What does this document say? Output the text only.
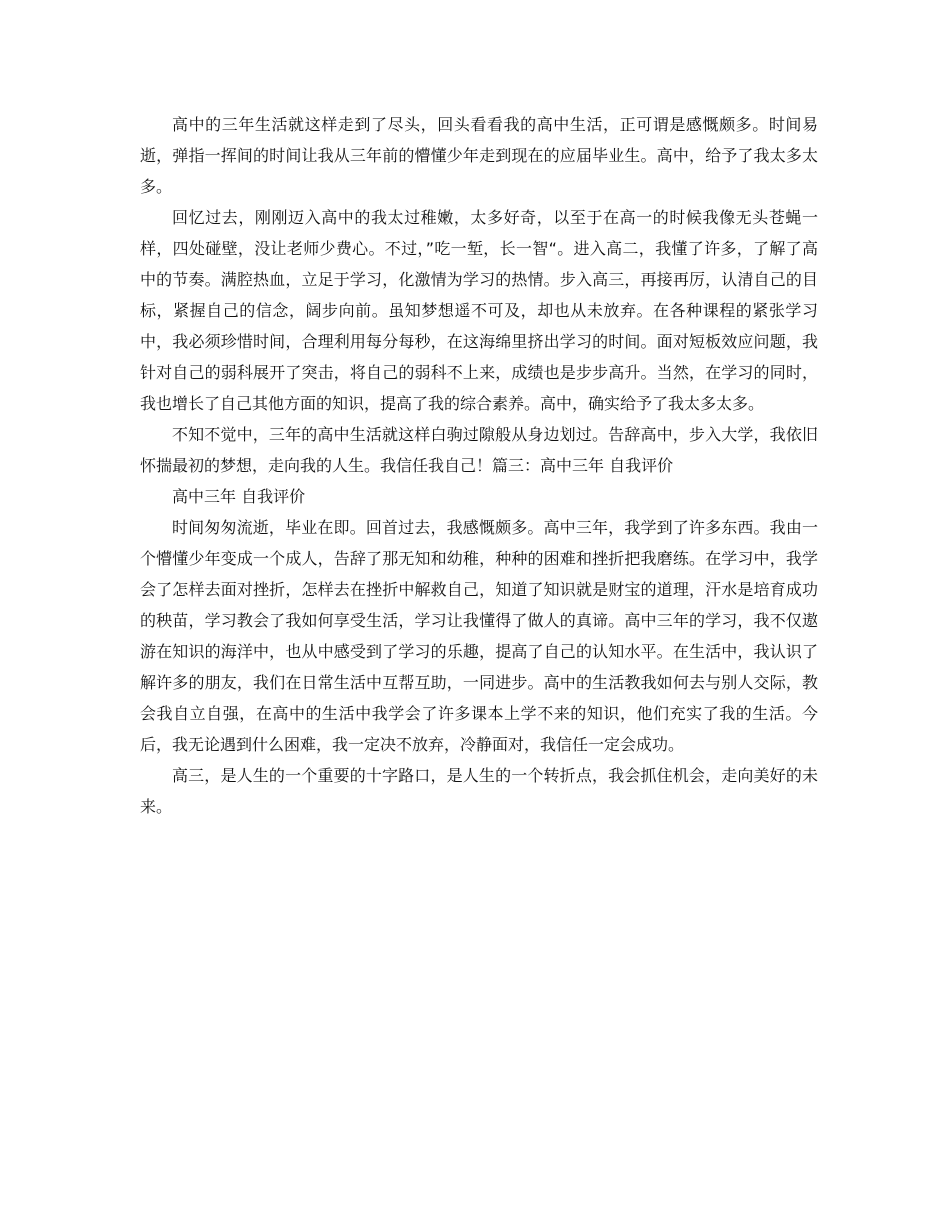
高中的三年生活就这样走到了尽头，回头看看我的高中生活，正可谓是感慨颇多。时间易逝，弹指一挥间的时间让我从三年前的懵懂少年走到现在的应届毕业生。高中，给予了我太多太多。

回忆过去，刚刚迈入高中的我太过稚嫩，太多好奇，以至于在高一的时候我像无头苍蝇一样，四处碰壁，没让老师少费心。不过，”吃一堑，长一智“。进入高二，我懂了许多，了解了高中的节奏。满腔热血，立足于学习，化激情为学习的热情。步入高三，再接再厉，认清自己的目标，紧握自己的信念，阔步向前。虽知梦想遥不可及，却也从未放弃。在各种课程的紧张学习中，我必须珍惜时间，合理利用每分每秒，在这海绵里挤出学习的时间。面对短板效应问题，我针对自己的弱科展开了突击，将自己的弱科不上来，成绩也是步步高升。当然，在学习的同时，我也增长了自己其他方面的知识，提高了我的综合素养。高中，确实给予了我太多太多。

不知不觉中，三年的高中生活就这样白驹过隙般从身边划过。告辞高中，步入大学，我依旧怀揣最初的梦想，走向我的人生。我信任我自己！篇三：高中三年 自我评价

高中三年 自我评价

时间匆匆流逝，毕业在即。回首过去，我感慨颇多。高中三年，我学到了许多东西。我由一个懵懂少年变成一个成人，告辞了那无知和幼稚，种种的困难和挫折把我磨练。在学习中，我学会了怎样去面对挫折，怎样去在挫折中解救自己，知道了知识就是财宝的道理，汗水是培育成功的秧苗，学习教会了我如何享受生活，学习让我懂得了做人的真谛。高中三年的学习，我不仅遨游在知识的海洋中，也从中感受到了学习的乐趣，提高了自己的认知水平。在生活中，我认识了解许多的朋友，我们在日常生活中互帮互助，一同进步。高中的生活教我如何去与别人交际，教会我自立自强，在高中的生活中我学会了许多课本上学不来的知识，他们充实了我的生活。今后，我无论遇到什么困难，我一定决不放弃，冷静面对，我信任一定会成功。

高三，是人生的一个重要的十字路口，是人生的一个转折点，我会抓住机会，走向美好的未来。
